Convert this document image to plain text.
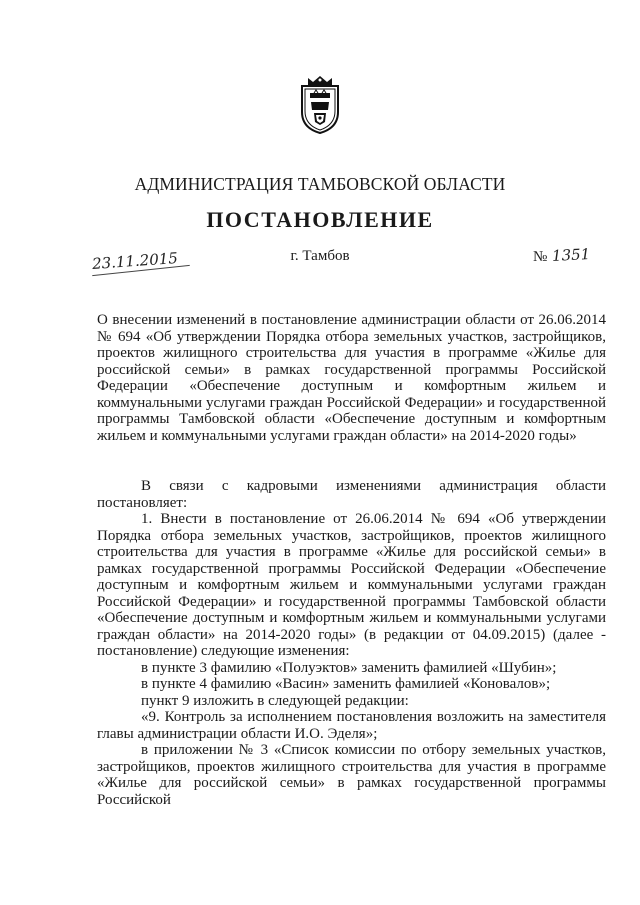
АДМИНИСТРАЦИЯ ТАМБОВСКОЙ ОБЛАСТИ
ПОСТАНОВЛЕНИЕ
23.11.2015	г. Тамбов	№ 1351
О внесении изменений в постановление администрации области от 26.06.2014 № 694 «Об утверждении Порядка отбора земельных участков, застройщиков, проектов жилищного строительства для участия в программе «Жилье для российской семьи» в рамках государственной программы Российской Федерации «Обеспечение доступным и комфортным жильем и коммунальными услугами граждан Российской Федерации» и государственной программы Тамбовской области «Обеспечение доступным и комфортным жильем и коммунальными услугами граждан области» на 2014-2020 годы»

В связи с кадровыми изменениями администрация области постановляет:

1. Внести в постановление от 26.06.2014 № 694 «Об утверждении Порядка отбора земельных участков, застройщиков, проектов жилищного строительства для участия в программе «Жилье для российской семьи» в рамках государственной программы Российской Федерации «Обеспечение доступным и комфортным жильем и коммунальными услугами граждан Российской Федерации» и государственной программы Тамбовской области «Обеспечение доступным и комфортным жильем и коммунальными услугами граждан области» на 2014-2020 годы» (в редакции от 04.09.2015) (далее - постановление) следующие изменения:

в пункте 3 фамилию «Полуэктов» заменить фамилией «Шубин»;

в пункте 4 фамилию «Васин» заменить фамилией «Коновалов»;

пункт 9 изложить в следующей редакции:

«9. Контроль за исполнением постановления возложить на заместителя главы администрации области И.О. Эделя»;

в приложении № 3 «Список комиссии по отбору земельных участков, застройщиков, проектов жилищного строительства для участия в программе «Жилье для российской семьи» в рамках государственной программы Российской
